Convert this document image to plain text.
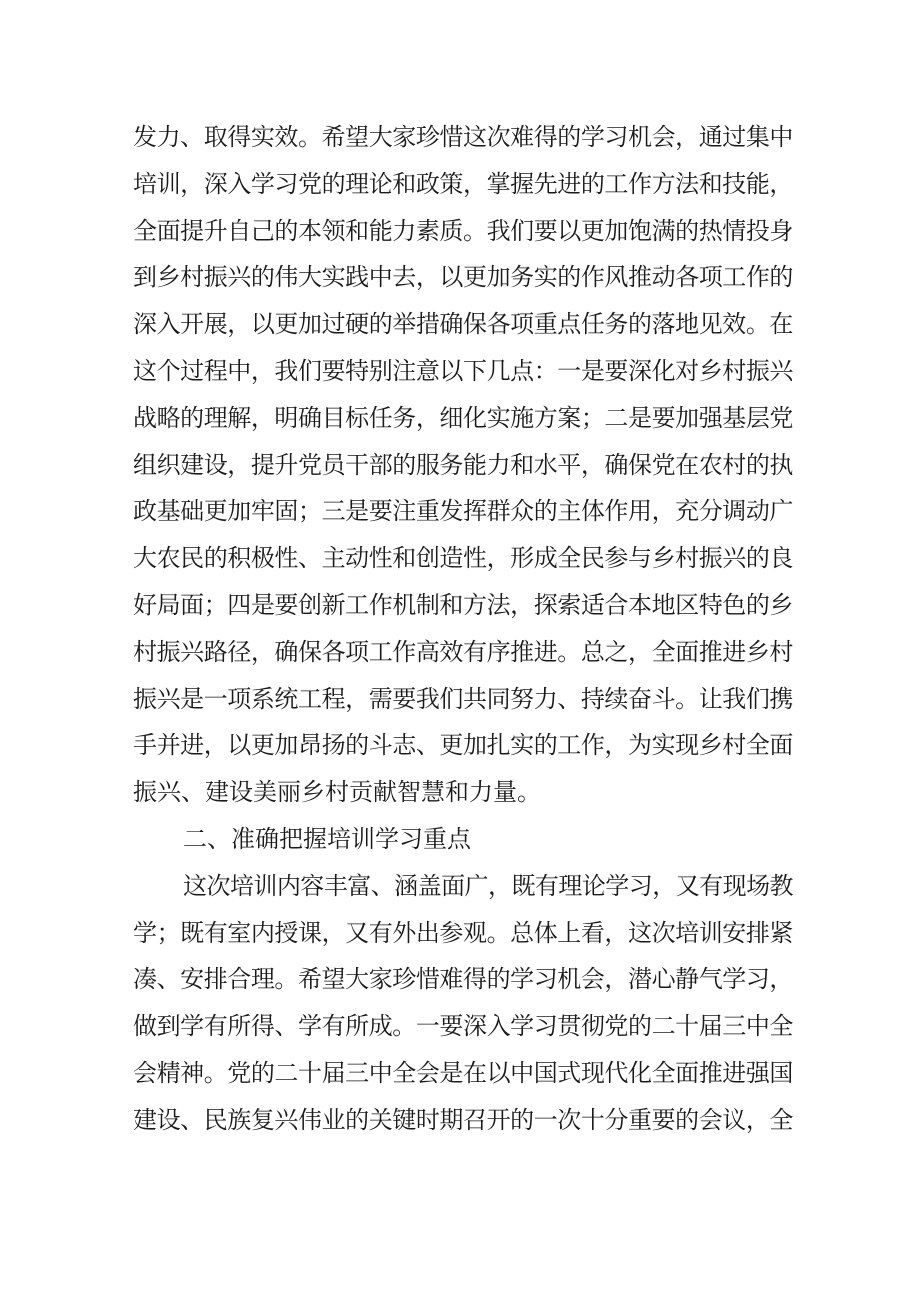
发力、取得实效。希望大家珍惜这次难得的学习机会，通过集中
培训，深入学习党的理论和政策，掌握先进的工作方法和技能，
全面提升自己的本领和能力素质。我们要以更加饱满的热情投身
到乡村振兴的伟大实践中去，以更加务实的作风推动各项工作的
深入开展，以更加过硬的举措确保各项重点任务的落地见效。在
这个过程中，我们要特别注意以下几点：一是要深化对乡村振兴
战略的理解，明确目标任务，细化实施方案；二是要加强基层党
组织建设，提升党员干部的服务能力和水平，确保党在农村的执
政基础更加牢固；三是要注重发挥群众的主体作用，充分调动广
大农民的积极性、主动性和创造性，形成全民参与乡村振兴的良
好局面；四是要创新工作机制和方法，探索适合本地区特色的乡
村振兴路径，确保各项工作高效有序推进。总之，全面推进乡村
振兴是一项系统工程，需要我们共同努力、持续奋斗。让我们携
手并进，以更加昂扬的斗志、更加扎实的工作，为实现乡村全面
振兴、建设美丽乡村贡献智慧和力量。
二、准确把握培训学习重点
这次培训内容丰富、涵盖面广，既有理论学习，又有现场教
学；既有室内授课，又有外出参观。总体上看，这次培训安排紧
凑、安排合理。希望大家珍惜难得的学习机会，潜心静气学习，
做到学有所得、学有所成。一要深入学习贯彻党的二十届三中全
会精神。党的二十届三中全会是在以中国式现代化全面推进强国
建设、民族复兴伟业的关键时期召开的一次十分重要的会议，全
